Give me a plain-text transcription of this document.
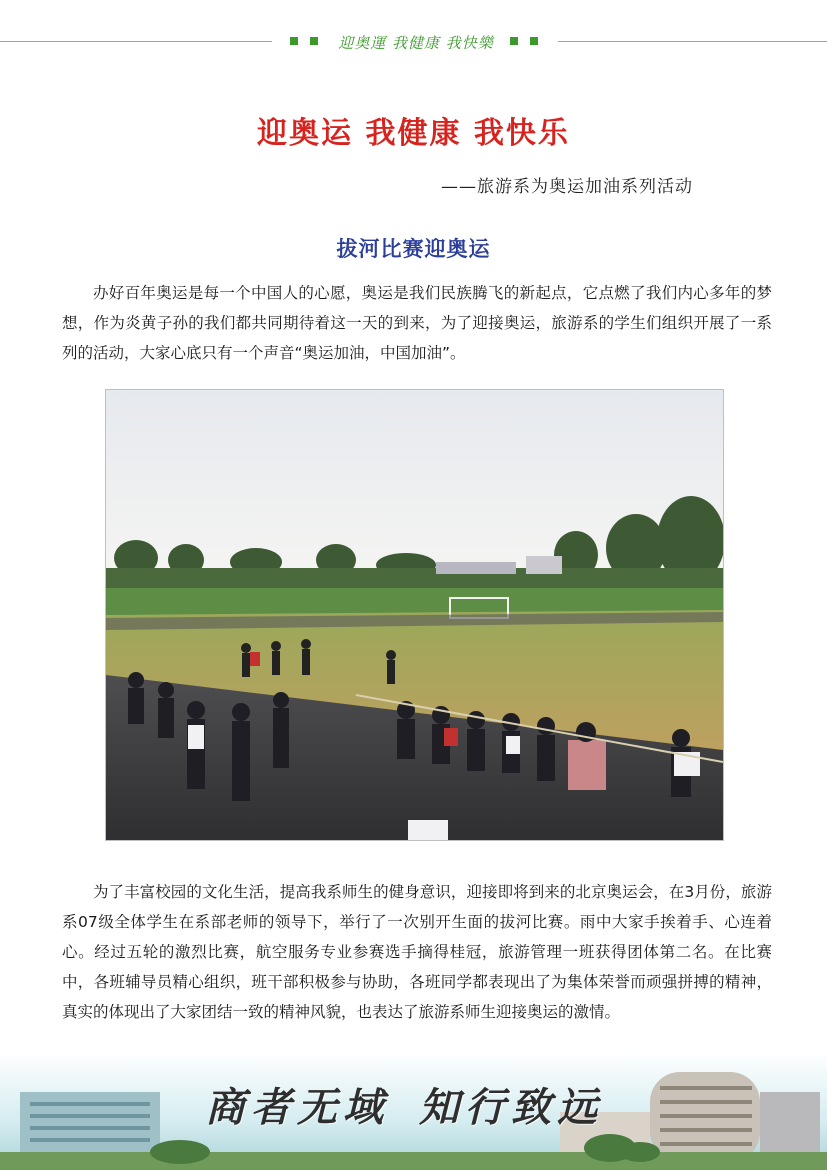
迎奥運 我健康 我快樂
迎奥运 我健康 我快乐
——旅游系为奥运加油系列活动
拔河比赛迎奥运

办好百年奥运是每一个中国人的心愿，奥运是我们民族腾飞的新起点，它点燃了我们内心多年的梦想，作为炎黄子孙的我们都共同期待着这一天的到来，为了迎接奥运，旅游系的学生们组织开展了一系列的活动，大家心底只有一个声音“奥运加油，中国加油”。

为了丰富校园的文化生活，提高我系师生的健身意识，迎接即将到来的北京奥运会，在3月份，旅游系07级全体学生在系部老师的领导下，举行了一次别开生面的拔河比赛。雨中大家手挨着手、心连着心。经过五轮的激烈比赛，航空服务专业参赛选手摘得桂冠，旅游管理一班获得团体第二名。在比赛中，各班辅导员精心组织，班干部积极参与协助，各班同学都表现出了为集体荣誉而顽强拼搏的精神，真实的体现出了大家团结一致的精神风貌，也表达了旅游系师生迎接奥运的激情。

商者无域 知行致远
